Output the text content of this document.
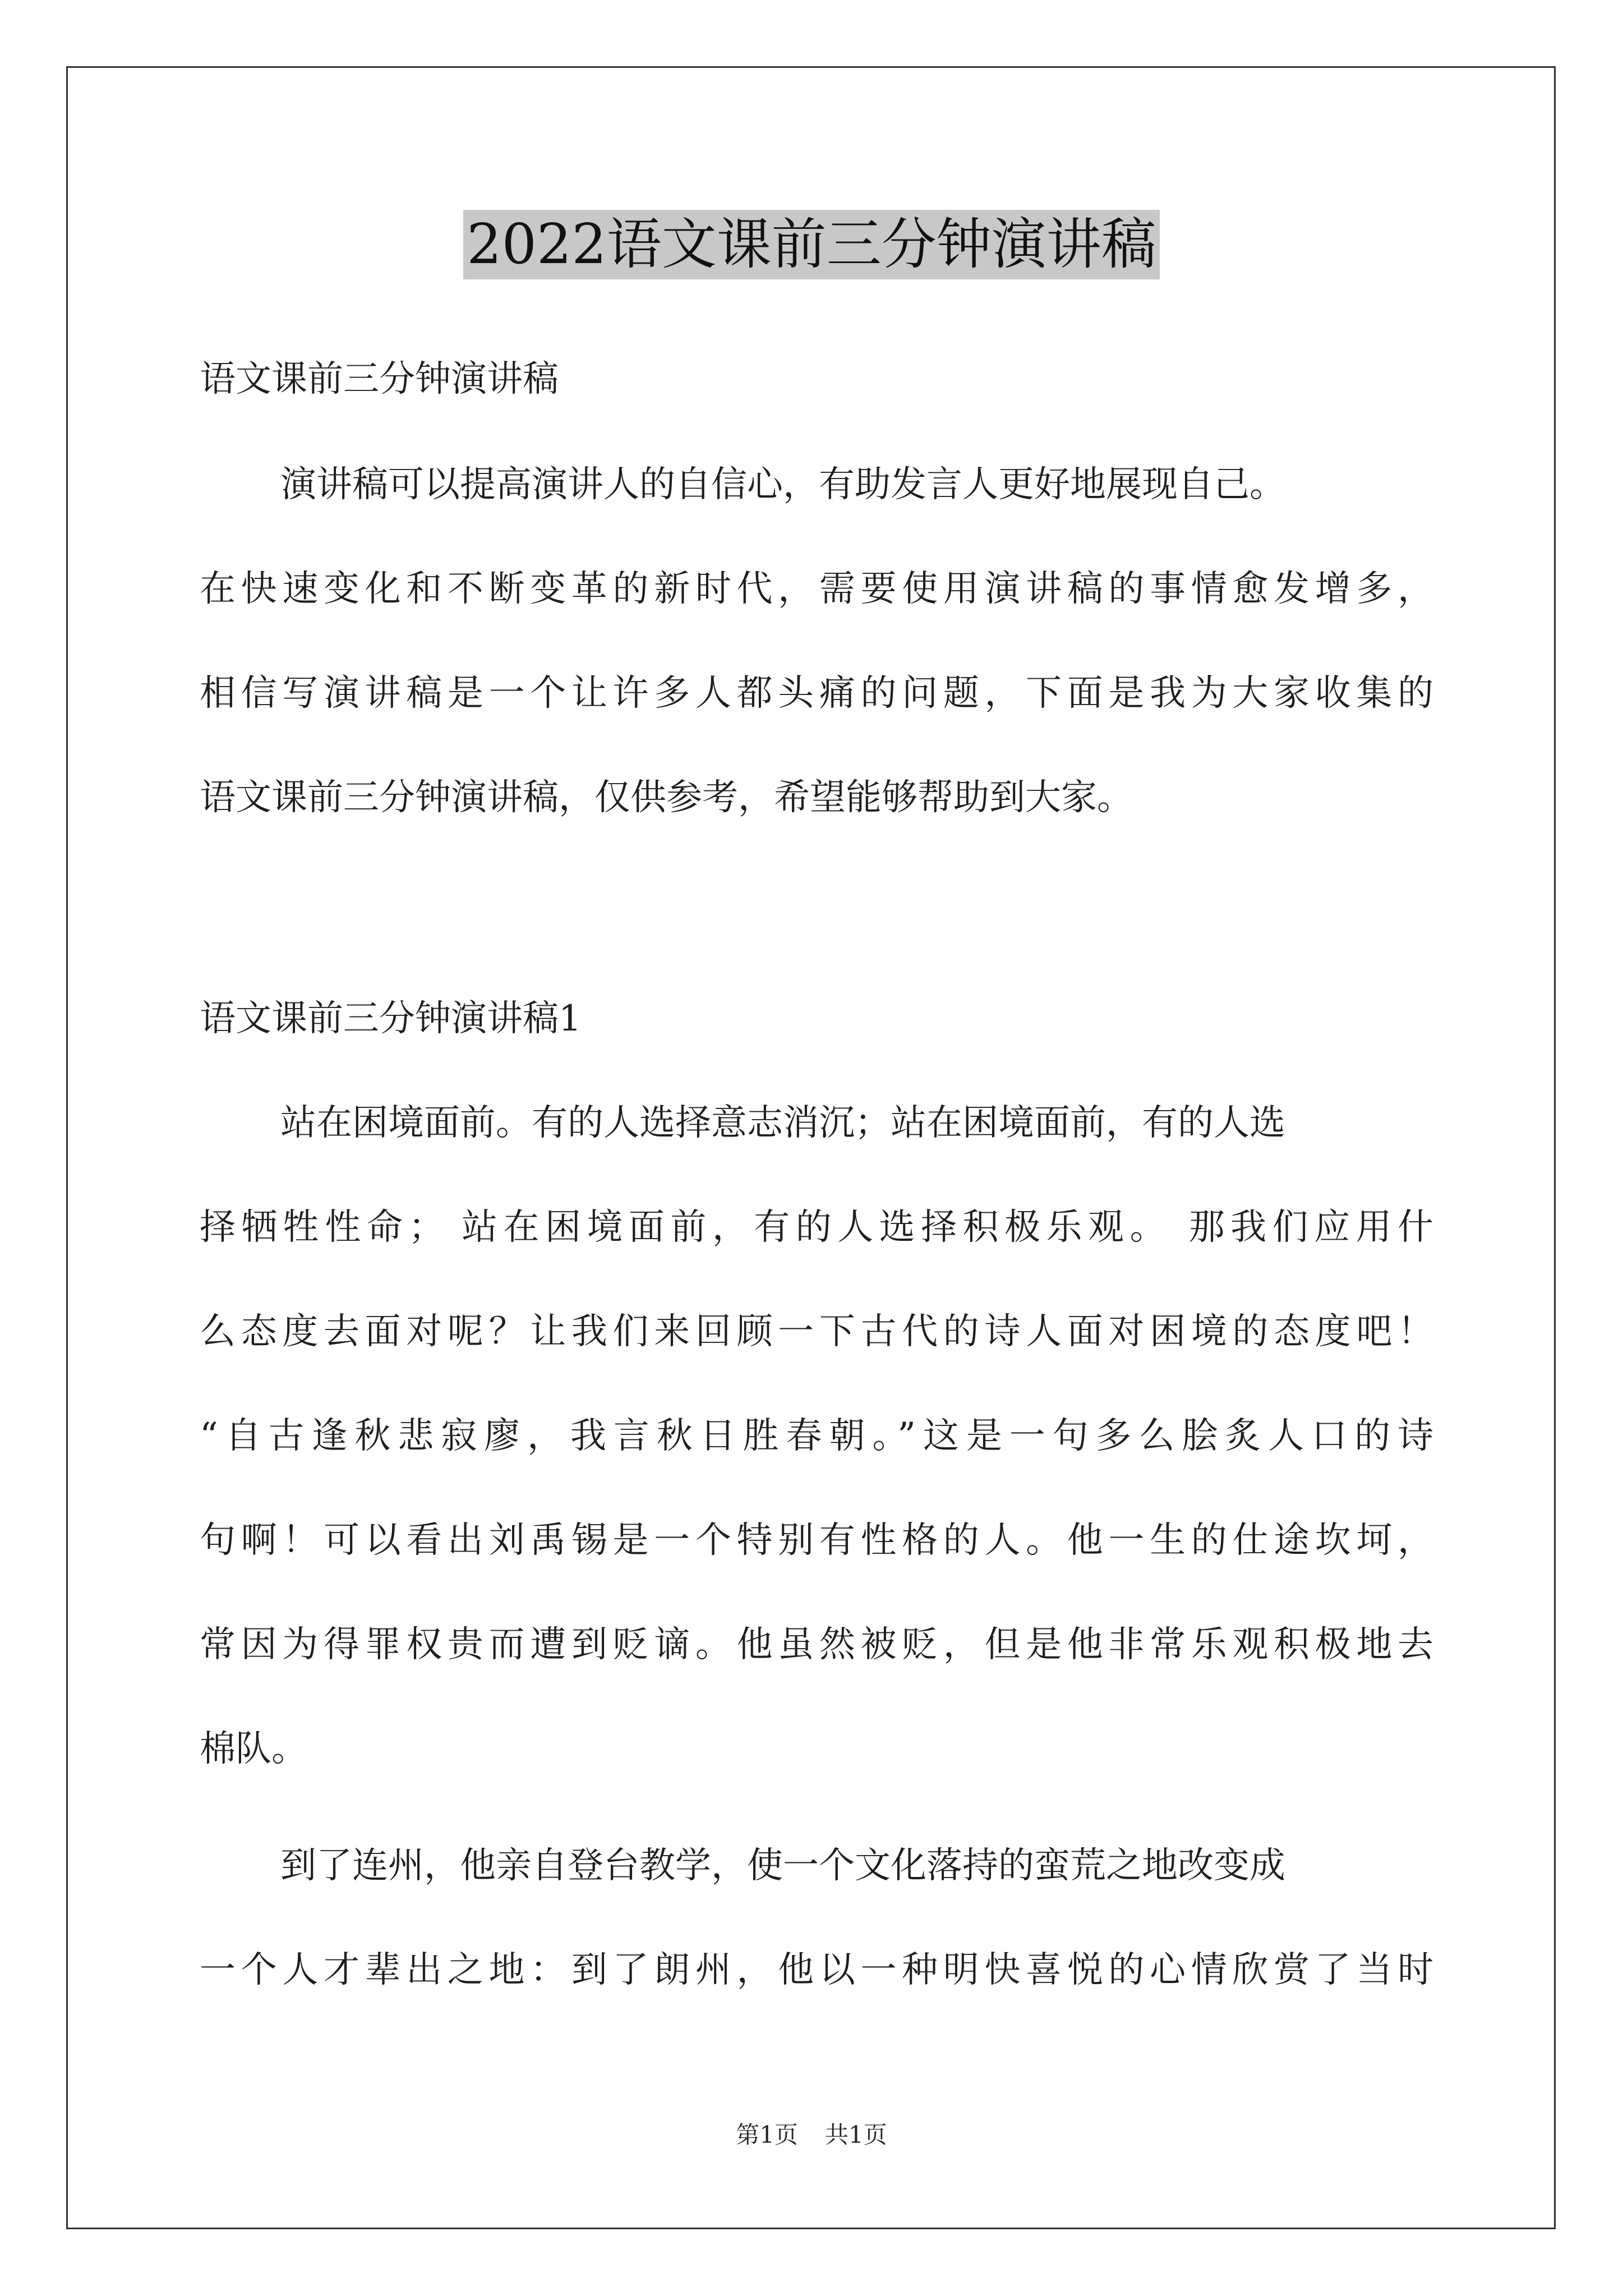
2022语文课前三分钟演讲稿
语文课前三分钟演讲稿
演讲稿可以提高演讲人的自信心，有助发言人更好地展现自己。
在快速变化和不断变革的新时代，需要使用演讲稿的事情愈发增多，
相信写演讲稿是一个让许多人都头痛的问题，下面是我为大家收集的
语文课前三分钟演讲稿，仅供参考，希望能够帮助到大家。
语文课前三分钟演讲稿1
站在困境面前。有的人选择意志消沉；站在困境面前，有的人选
择牺牲性命； 站在困境面前，有的人选择积极乐观。 那我们应用什
么态度去面对呢？让我们来回顾一下古代的诗人面对困境的态度吧！
“自古逢秋悲寂廖，我言秋日胜春朝。”这是一句多么脍炙人口的诗
句啊！可以看出刘禹锡是一个特别有性格的人。他一生的仕途坎坷，
常因为得罪权贵而遭到贬谪。他虽然被贬，但是他非常乐观积极地去
棉队。
到了连州，他亲自登台教学，使一个文化落持的蛮荒之地改变成
一个人才辈出之地：到了朗州，他以一种明快喜悦的心情欣赏了当时
第1页 共1页
